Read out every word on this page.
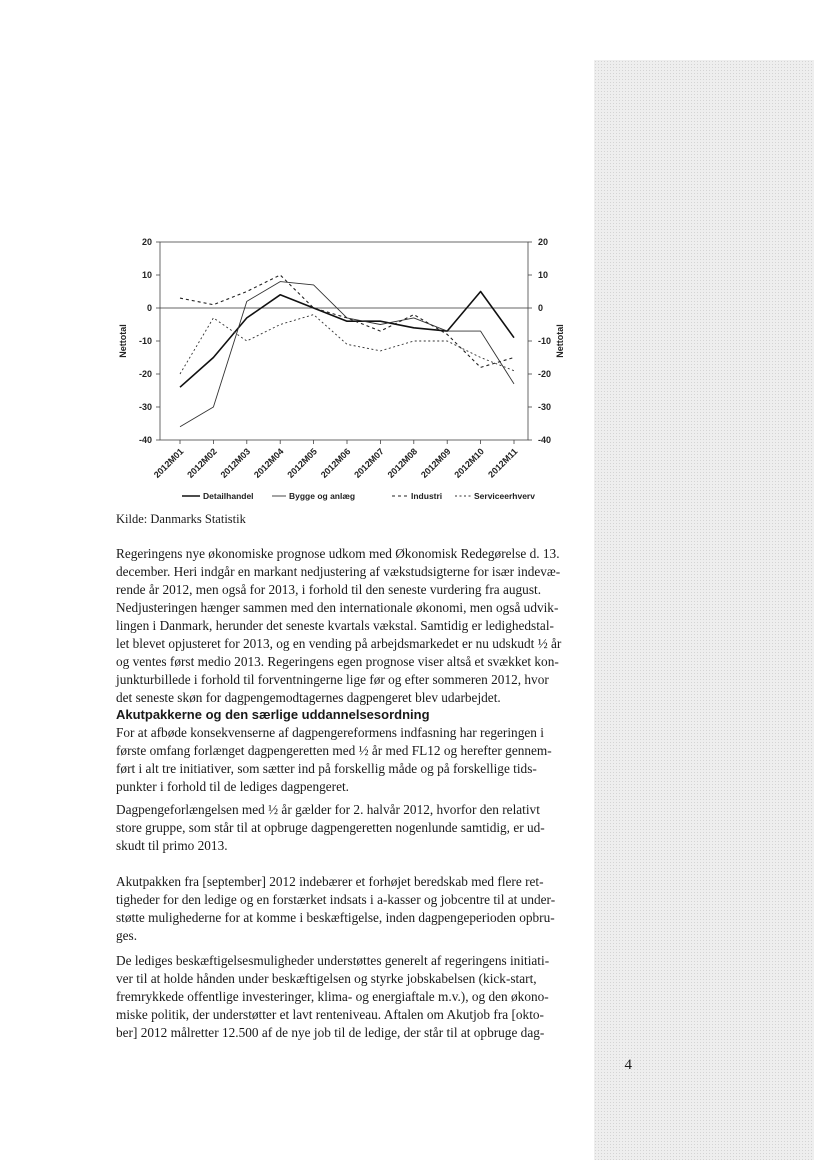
20	20
10	10
0	0
-10	-10
-20	-20
-30	-30
-40	-40
2012M01 2012M02 2012M03 2012M04 2012M05 2012M06 2012M07 2012M08 2012M09 2012M10 2012M11
Nettotal	Nettotal
Detailhandel	Bygge og anlæg	Industri	Serviceerhverv
Kilde: Danmarks Statistik

Regeringens nye økonomiske prognose udkom med Økonomisk Redegørelse d. 13.

december. Heri indgår en markant nedjustering af vækstudsigterne for især indevæ-

rende år 2012, men også for 2013, i forhold til den seneste vurdering fra august.

Nedjusteringen hænger sammen med den internationale økonomi, men også udvik-

lingen i Danmark, herunder det seneste kvartals vækstal. Samtidig er ledighedstal-

let blevet opjusteret for 2013, og en vending på arbejdsmarkedet er nu udskudt ½ år

og ventes først medio 2013. Regeringens egen prognose viser altså et svækket kon-

junkturbillede i forhold til forventningerne lige før og efter sommeren 2012, hvor

det seneste skøn for dagpengemodtagernes dagpengeret blev udarbejdet.

Akutpakkerne og den særlige uddannelsesordning

For at afbøde konsekvenserne af dagpengereformens indfasning har regeringen i

første omfang forlænget dagpengeretten med ½ år med FL12 og herefter gennem-

ført i alt tre initiativer, som sætter ind på forskellig måde og på forskellige tids-

punkter i forhold til de lediges dagpengeret.

Dagpengeforlængelsen med ½ år gælder for 2. halvår 2012, hvorfor den relativt

store gruppe, som står til at opbruge dagpengeretten nogenlunde samtidig, er ud-

skudt til primo 2013.

Akutpakken fra [september] 2012 indebærer et forhøjet beredskab med flere ret-

tigheder for den ledige og en forstærket indsats i a-kasser og jobcentre til at under-

støtte mulighederne for at komme i beskæftigelse, inden dagpengeperioden opbru-

ges.

De lediges beskæftigelsesmuligheder understøttes generelt af regeringens initiati-

ver til at holde hånden under beskæftigelsen og styrke jobskabelsen (kick-start,

fremrykkede offentlige investeringer, klima- og energiaftale m.v.), og den økono-

miske politik, der understøtter et lavt renteniveau. Aftalen om Akutjob fra [okto-

ber] 2012 målretter 12.500 af de nye job til de ledige, der står til at opbruge dag-

4
